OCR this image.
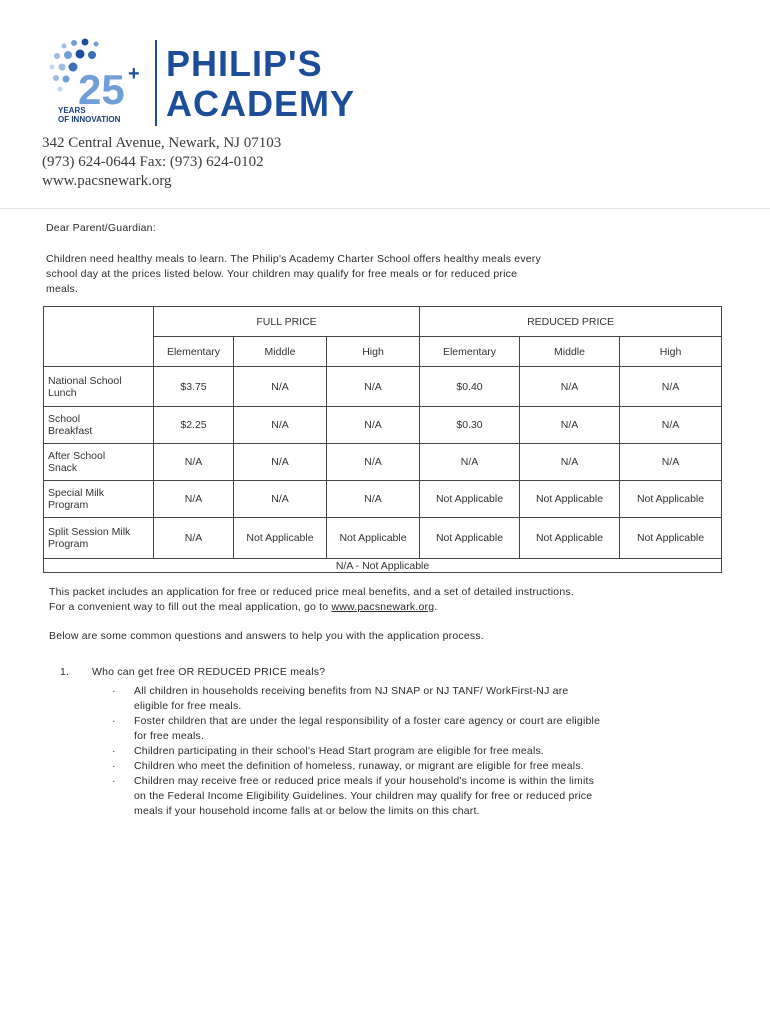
25 +
YEARS
OF INNOVATION
PHILIP'S
ACADEMY
342 Central Avenue, Newark, NJ 07103
(973) 624-0644 Fax: (973) 624-0102
www.pacsnewark.org
Dear Parent/Guardian:
Children need healthy meals to learn. The Philip's Academy Charter School offers healthy meals every
school day at the prices listed below. Your children may qualify for free meals or for reduced price
meals.
	FULL PRICE			REDUCED PRICE		
	Elementary	Middle	High	Elementary	Middle	High

National School
Lunch	$3.75	N/A	N/A	$0.40	N/A	N/A

School
Breakfast	$2.25	N/A	N/A	$0.30	N/A	N/A

After School
Snack	N/A	N/A	N/A	N/A	N/A	N/A

Special Milk
Program	N/A	N/A	N/A	Not Applicable	Not Applicable	Not Applicable

Split Session Milk
Program	N/A	Not Applicable	Not Applicable	Not Applicable	Not Applicable	Not Applicable
N/A - Not Applicable						
This packet includes an application for free or reduced price meal benefits, and a set of detailed instructions.
For a convenient way to fill out the meal application, go to www.pacsnewark.org.
Below are some common questions and answers to help you with the application process.
1. Who can get free OR REDUCED PRICE meals?
· All children in households receiving benefits from NJ SNAP or NJ TANF/ WorkFirst-NJ are
eligible for free meals.
· Foster children that are under the legal responsibility of a foster care agency or court are eligible
for free meals.
· Children participating in their school's Head Start program are eligible for free meals.
· Children who meet the definition of homeless, runaway, or migrant are eligible for free meals.
· Children may receive free or reduced price meals if your household's income is within the limits
on the Federal Income Eligibility Guidelines. Your children may qualify for free or reduced price
meals if your household income falls at or below the limits on this chart.
